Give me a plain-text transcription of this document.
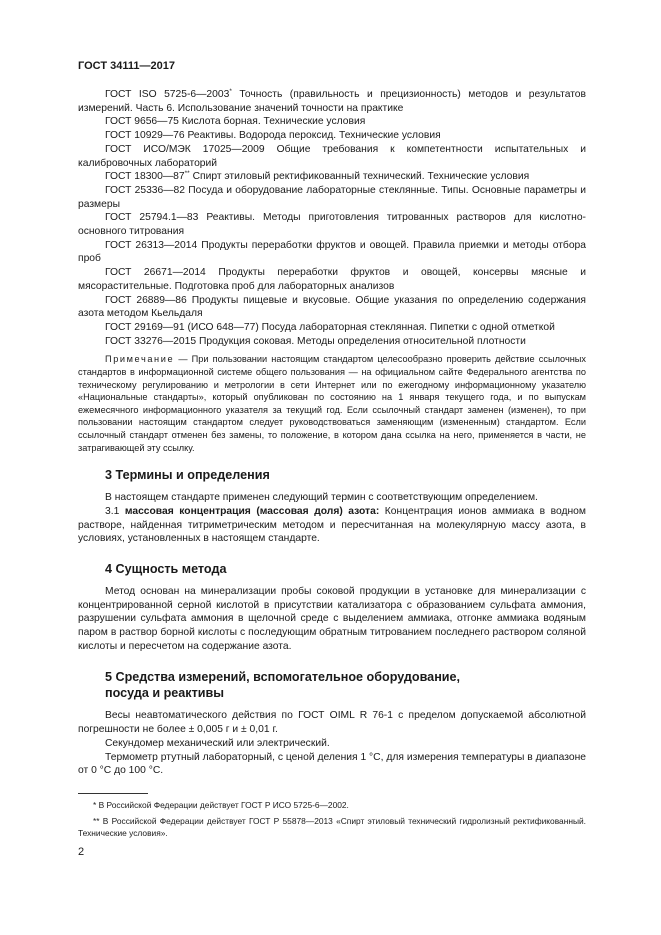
ГОСТ 34111—2017

ГОСТ ISO 5725-6—2003* Точность (правильность и прецизионность) методов и результатов измерений. Часть 6. Использование значений точности на практике

ГОСТ 9656—75 Кислота борная. Технические условия

ГОСТ 10929—76 Реактивы. Водорода пероксид. Технические условия

ГОСТ ИСО/МЭК 17025—2009 Общие требования к компетентности испытательных и калибровочных лабораторий

ГОСТ 18300—87** Спирт этиловый ректификованный технический. Технические условия

ГОСТ 25336—82 Посуда и оборудование лабораторные стеклянные. Типы. Основные параметры и размеры

ГОСТ 25794.1—83 Реактивы. Методы приготовления титрованных растворов для кислотно-основного титрования

ГОСТ 26313—2014 Продукты переработки фруктов и овощей. Правила приемки и методы отбора проб

ГОСТ 26671—2014 Продукты переработки фруктов и овощей, консервы мясные и мясорастительные. Подготовка проб для лабораторных анализов

ГОСТ 26889—86 Продукты пищевые и вкусовые. Общие указания по определению содержания азота методом Кьельдаля

ГОСТ 29169—91 (ИСО 648—77) Посуда лабораторная стеклянная. Пипетки с одной отметкой

ГОСТ 33276—2015 Продукция соковая. Методы определения относительной плотности

Примечание — При пользовании настоящим стандартом целесообразно проверить действие ссылочных стандартов в информационной системе общего пользования — на официальном сайте Федерального агентства по техническому регулированию и метрологии в сети Интернет или по ежегодному информационному указателю «Национальные стандарты», который опубликован по состоянию на 1 января текущего года, и по выпускам ежемесячного информационного указателя за текущий год. Если ссылочный стандарт заменен (изменен), то при пользовании настоящим стандартом следует руководствоваться заменяющим (измененным) стандартом. Если ссылочный стандарт отменен без замены, то положение, в котором дана ссылка на него, применяется в части, не затрагивающей эту ссылку.

3 Термины и определения

В настоящем стандарте применен следующий термин с соответствующим определением.

3.1 массовая концентрация (массовая доля) азота: Концентрация ионов аммиака в водном растворе, найденная титриметрическим методом и пересчитанная на молекулярную массу азота, в условиях, установленных в настоящем стандарте.

4 Сущность метода

Метод основан на минерализации пробы соковой продукции в установке для минерализации с концентрированной серной кислотой в присутствии катализатора с образованием сульфата аммония, разрушении сульфата аммония в щелочной среде с выделением аммиака, отгонке аммиака водяным паром в раствор борной кислоты с последующим обратным титрованием последнего раствором соляной кислоты и пересчетом на содержание азота.

5 Средства измерений, вспомогательное оборудование,
посуда и реактивы

Весы неавтоматического действия по ГОСТ OIML R 76-1 с пределом допускаемой абсолютной погрешности не более ± 0,005 г и ± 0,01 г.

Секундомер механический или электрический.

Термометр ртутный лабораторный, с ценой деления 1 °С, для измерения температуры в диапазоне от 0 °С до 100 °С.

* В Российской Федерации действует ГОСТ Р ИСО 5725-6—2002.

** В Российской Федерации действует ГОСТ Р 55878—2013 «Спирт этиловый технический гидролизный ректификованный. Технические условия».

2
